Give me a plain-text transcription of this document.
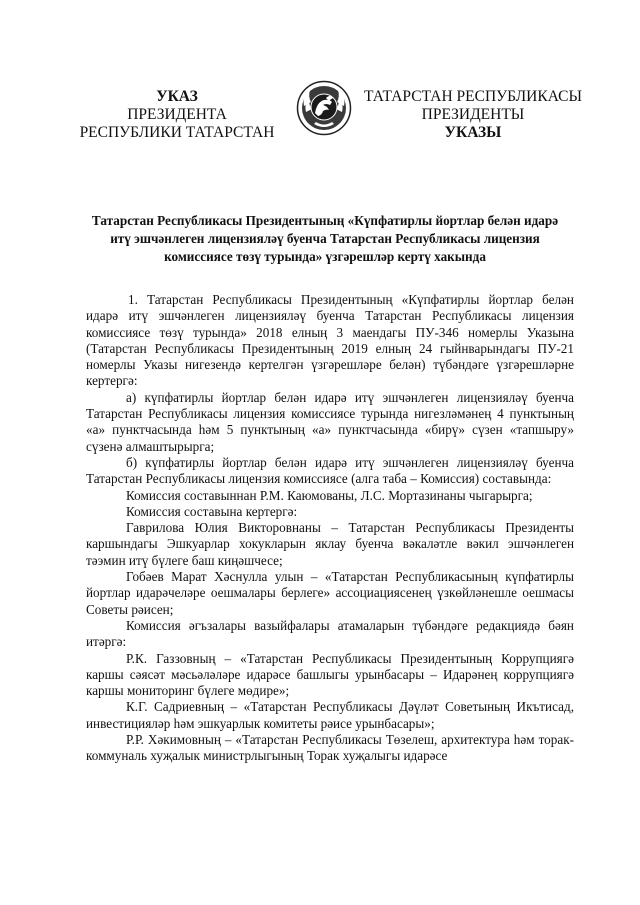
УКАЗ
ПРЕЗИДЕНТА
РЕСПУБЛИКИ ТАТАРСТАН
ТАТАРСТАН РЕСПУБЛИКАСЫ
ПРЕЗИДЕНТЫ
УКАЗЫ
Татарстан Республикасы Президентының «Күпфатирлы йортлар белән идарә итү эшчәнлеген лицензияләү буенча Татарстан Республикасы лицензия комиссиясе төзү турында» үзгәрешләр кертү хакында

1. Татарстан Республикасы Президентының «Күпфатирлы йортлар белән идарә итү эшчәнлеген лицензияләү буенча Татарстан Республикасы лицензия комиссиясе төзү турында» 2018 елның 3 маендагы ПУ-346 номерлы Указына (Татарстан Республикасы Президентының 2019 елның 24 гыйнварындагы ПУ-21 номерлы Указы нигезендә кертелгән үзгәрешләре белән) түбәндәге үзгәрешләрне кертергә:

а) күпфатирлы йортлар белән идарә итү эшчәнлеген лицензияләү буенча Татарстан Республикасы лицензия комиссиясе турында нигезләмәнең 4 пунктының «а» пунктчасында һәм 5 пунктының «а» пунктчасында «бирү» сүзен «тапшыру» сүзенә алмаштырырга;

б) күпфатирлы йортлар белән идарә итү эшчәнлеген лицензияләү буенча Татарстан Республикасы лицензия комиссиясе (алга таба – Комиссия) составында:

Комиссия составыннан Р.М. Каюмованы, Л.С. Мортазинаны чыгарырга;

Комиссия составына кертергә:

Гаврилова Юлия Викторовнаны – Татарстан Республикасы Президенты каршындагы Эшкуарлар хокукларын яклау буенча вәкаләтле вәкил эшчәнлеген тәэмин итү бүлеге баш киңәшчесе;

Гобәев Марат Хәснулла улын – «Татарстан Республикасының күпфатирлы йортлар идарәчеләре оешмалары берлеге» ассоциациясенең үзкөйләнешле оешмасы Советы рәисен;

Комиссия әгъзалары вазыйфалары атамаларын түбәндәге редакциядә бәян итәргә:

Р.К. Газзовның – «Татарстан Республикасы Президентының Коррупциягә каршы сәясәт мәсьәләләре идарәсе башлыгы урынбасары – Идарәнең коррупциягә каршы мониторинг бүлеге мөдире»;

К.Г. Садриевның – «Татарстан Республикасы Дәүләт Советының Икътисад, инвестицияләр һәм эшкуарлык комитеты рәисе урынбасары»;

Р.Р. Хәкимовның – «Татарстан Республикасы Төзелеш, архитектура һәм торак-коммуналь хуҗалык министрлыгының Торак хуҗалыгы идарәсе
